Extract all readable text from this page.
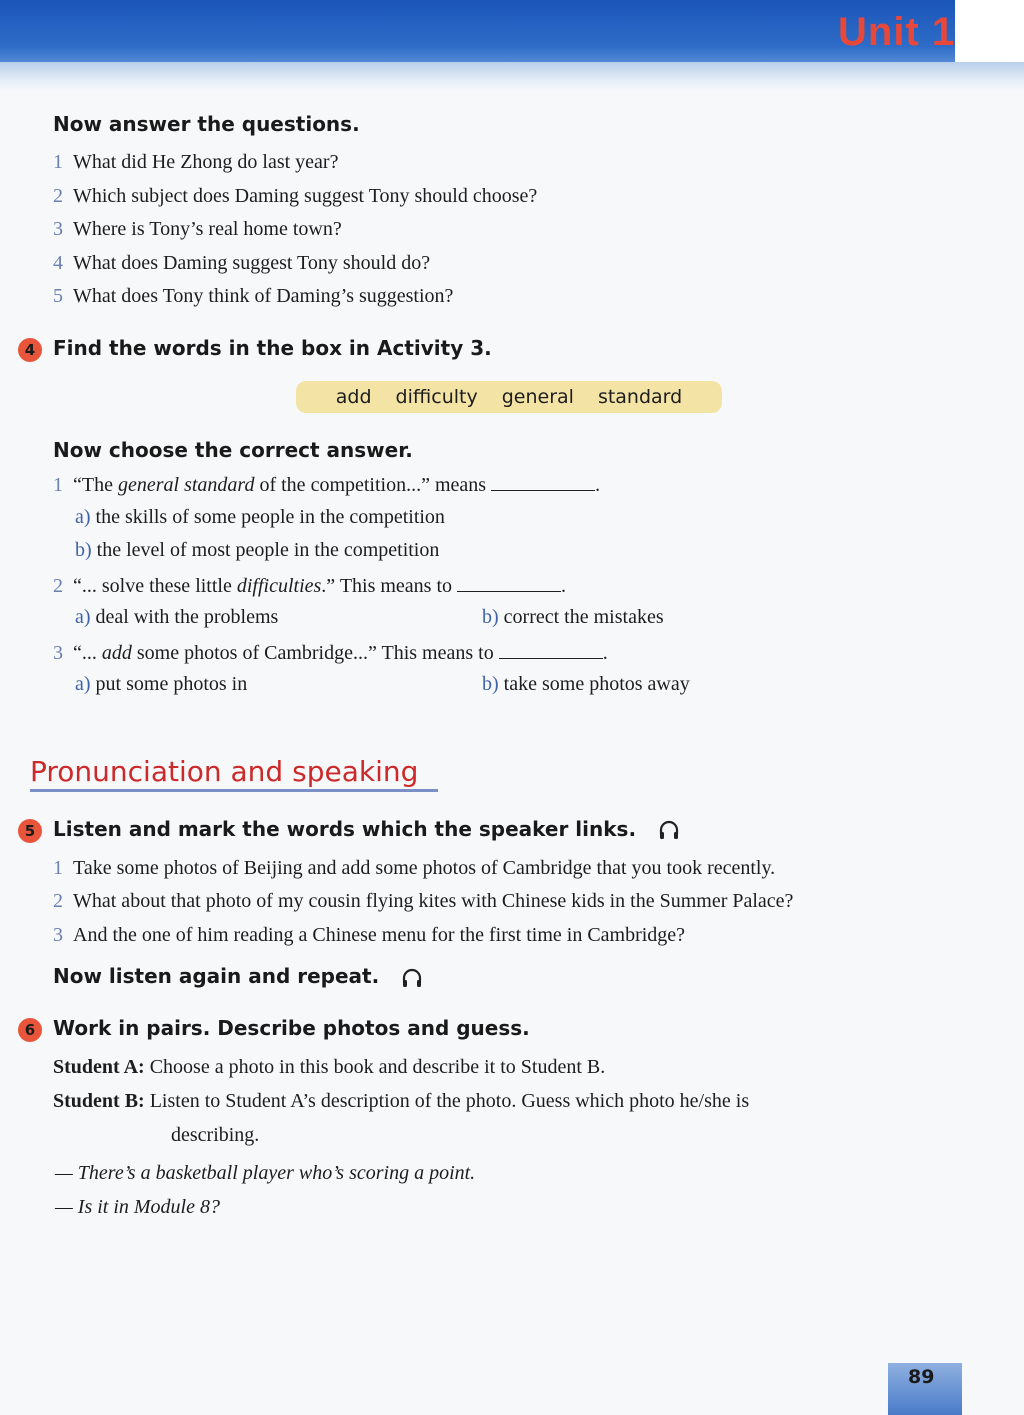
Unit 1
Now answer the questions.
1 What did He Zhong do last year?
2 Which subject does Daming suggest Tony should choose?
3 Where is Tony’s real home town?
4 What does Daming suggest Tony should do?
5 What does Tony think of Daming’s suggestion?
4 Find the words in the box in Activity 3.
add difficulty general standard
Now choose the correct answer.
1 “The general standard of the competition...” means	.
a) the skills of some people in the competition
b) the level of most people in the competition
2 “... solve these little difficulties.” This means to	.
a) deal with the problems	b) correct the mistakes
3 “... add some photos of Cambridge...” This means to	.
a) put some photos in	b) take some photos away
Pronunciation and speaking
5 Listen and mark the words which the speaker links.
1 Take some photos of Beijing and add some photos of Cambridge that you took recently.
2 What about that photo of my cousin flying kites with Chinese kids in the Summer Palace?
3 And the one of him reading a Chinese menu for the first time in Cambridge?
Now listen again and repeat.
6 Work in pairs. Describe photos and guess.
Student A: Choose a photo in this book and describe it to Student B.
Student B: Listen to Student A’s description of the photo. Guess which photo he/she is
describing.
— There’s a basketball player who’s scoring a point.
— Is it in Module 8?
89
